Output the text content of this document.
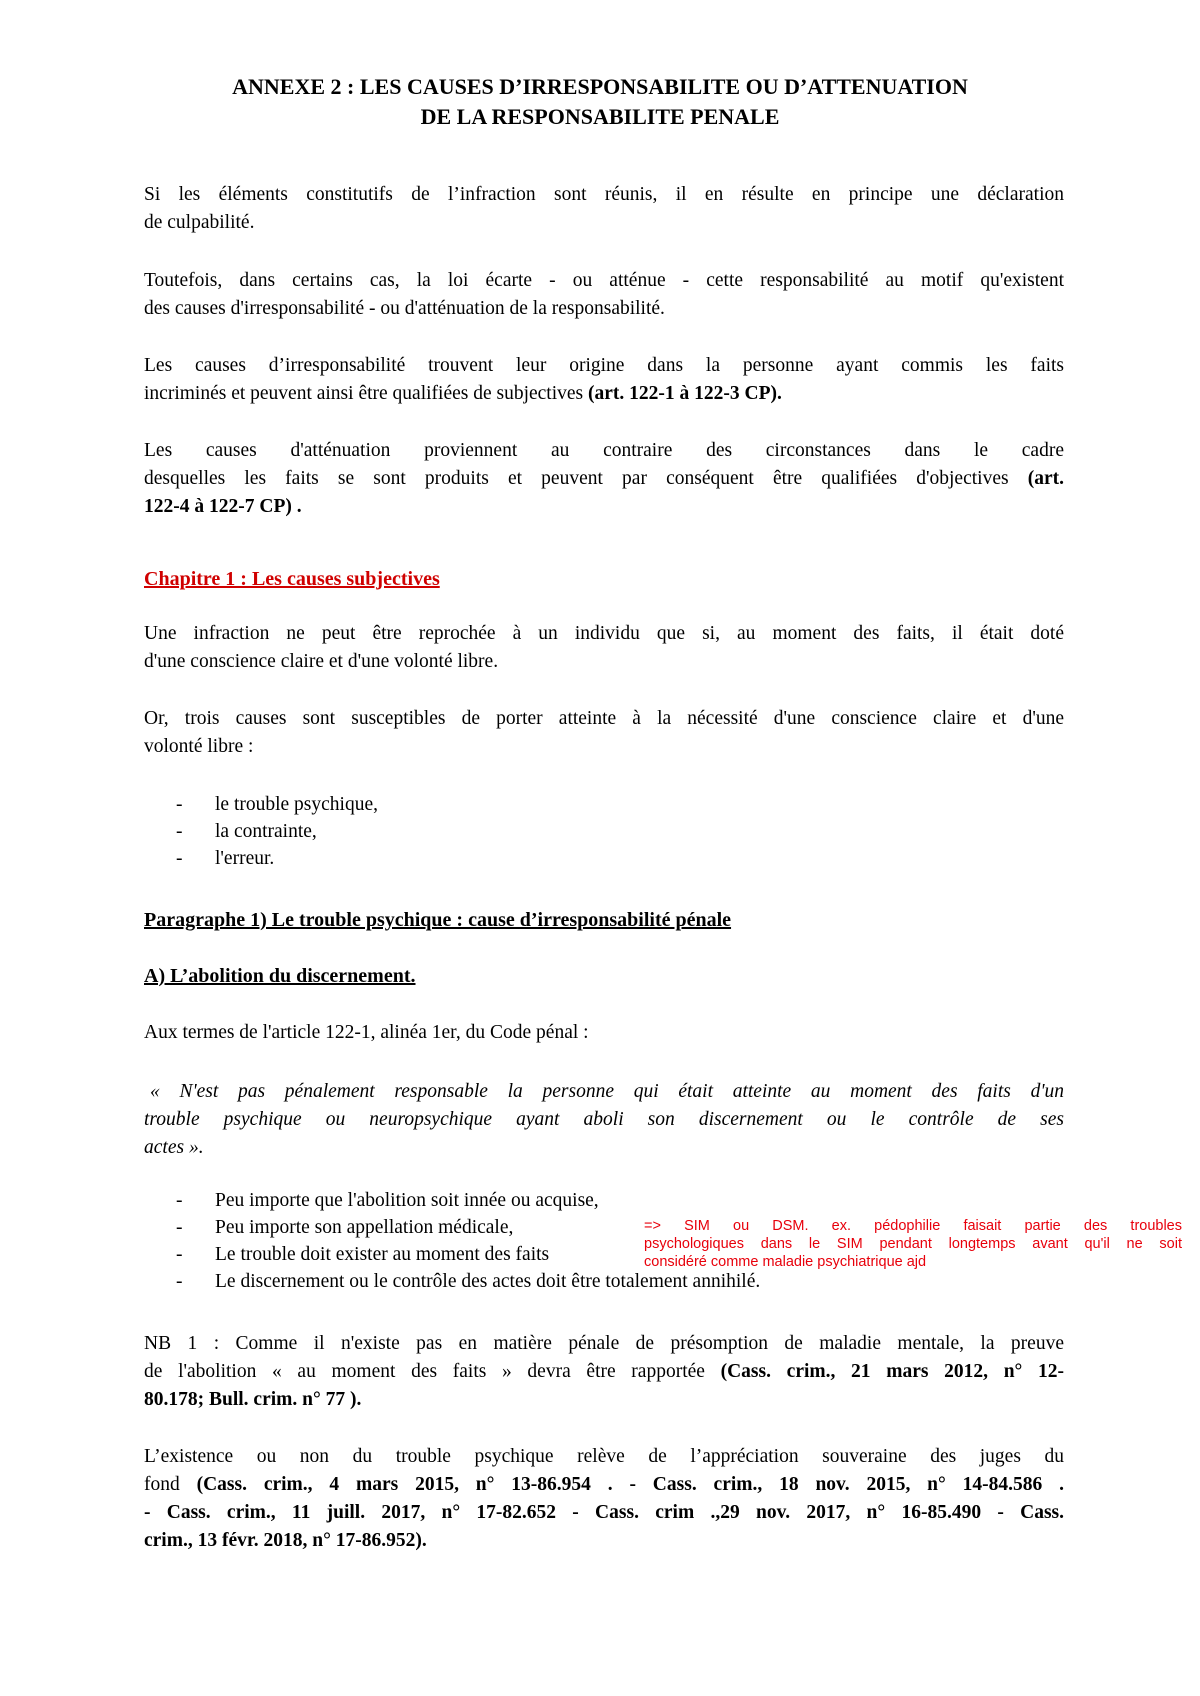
ANNEXE 2 : LES CAUSES D’IRRESPONSABILITE OU D’ATTENUATION
DE LA RESPONSABILITE PENALE
Si les éléments constitutifs de l’infraction sont réunis, il en résulte en principe une déclaration
de culpabilité.
Toutefois, dans certains cas, la loi écarte - ou atténue - cette responsabilité au motif qu'existent
des causes d'irresponsabilité - ou d'atténuation de la responsabilité.
Les causes d’irresponsabilité trouvent leur origine dans la personne ayant commis les faits
incriminés et peuvent ainsi être qualifiées de subjectives (art. 122-1 à 122-3 CP).
Les causes d'atténuation proviennent au contraire des circonstances dans le cadre
desquelles les faits se sont produits et peuvent par conséquent être qualifiées d'objectives (art.
122-4 à 122-7 CP) .
Chapitre 1 : Les causes subjectives
Une infraction ne peut être reprochée à un individu que si, au moment des faits, il était doté
d'une conscience claire et d'une volonté libre.
Or, trois causes sont susceptibles de porter atteinte à la nécessité d'une conscience claire et d'une
volonté libre :
- le trouble psychique,
- la contrainte,
- l'erreur.
Paragraphe 1) Le trouble psychique : cause d’irresponsabilité pénale
A) L’abolition du discernement.
Aux termes de l'article 122-1, alinéa 1er, du Code pénal :
« N'est pas pénalement responsable la personne qui était atteinte au moment des faits d'un
trouble psychique ou neuropsychique ayant aboli son discernement ou le contrôle de ses
actes ».
- Peu importe que l'abolition soit innée ou acquise,
- Peu importe son appellation médicale,
- Le trouble doit exister au moment des faits
- Le discernement ou le contrôle des actes doit être totalement annihilé.
=> SIM ou DSM. ex. pédophilie faisait partie des troubles
psychologiques dans le SIM pendant longtemps avant qu'il ne soit
considéré comme maladie psychiatrique ajd
NB 1 : Comme il n'existe pas en matière pénale de présomption de maladie mentale, la preuve
de l'abolition « au moment des faits » devra être rapportée (Cass. crim., 21 mars 2012, n° 12-
80.178; Bull. crim. n° 77 ).
L’existence ou non du trouble psychique relève de l’appréciation souveraine des juges du
fond (Cass. crim., 4 mars 2015, n° 13-86.954 . - Cass. crim., 18 nov. 2015, n° 14-84.586 .
- Cass. crim., 11 juill. 2017, n° 17-82.652 - Cass. crim .,29 nov. 2017, n° 16-85.490 - Cass.
crim., 13 févr. 2018, n° 17-86.952).
